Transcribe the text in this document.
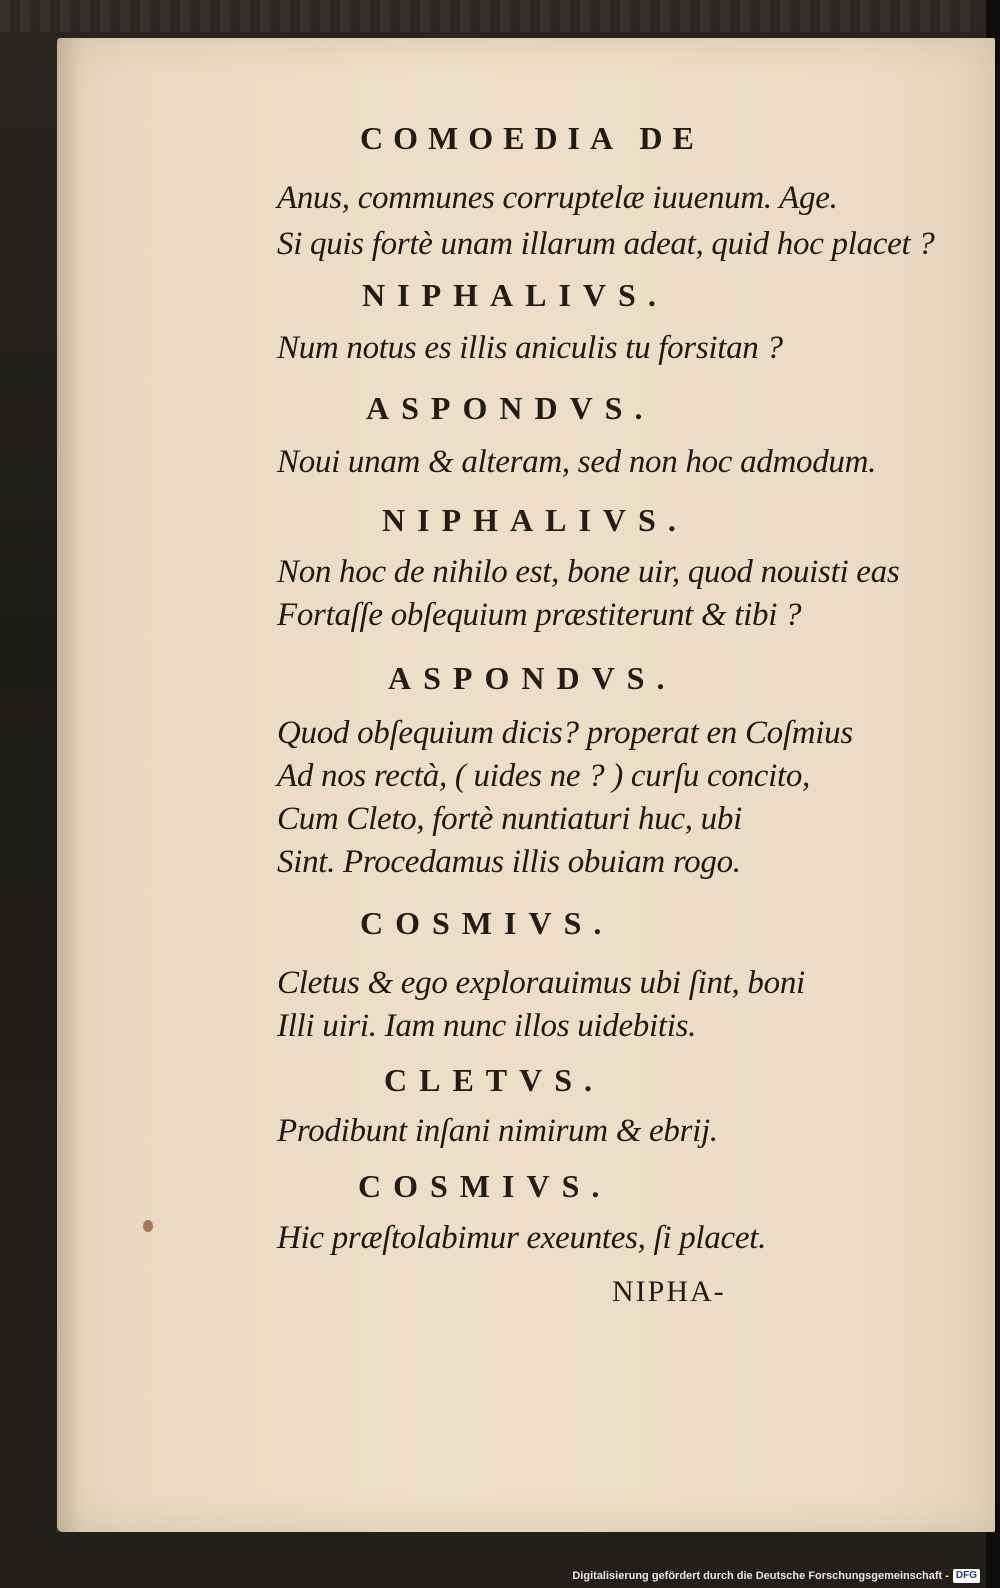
COMOEDIA DE
Anus, communes corruptelæ iuuenum. Age.
Si quis fortè unam illarum adeat, quid hoc placet ?
NIPHALIVS.
Num notus es illis aniculis tu forsitan ?
ASPONDVS.
Noui unam & alteram, sed non hoc admodum.
NIPHALIVS.
Non hoc de nihilo est, bone uir, quod nouisti eas
Fortaſſe obſequium præstiterunt & tibi ?
ASPONDVS.
Quod obſequium dicis? properat en Coſmius
Ad nos rectà, ( uides ne ? ) curſu concito,
Cum Cleto, fortè nuntiaturi huc, ubi
Sint. Procedamus illis obuiam rogo.
COSMIVS.
Cletus & ego explorauimus ubi ſint, boni
Illi uiri. Iam nunc illos uidebitis.
CLETVS.
Prodibunt inſani nimirum & ebrij.
COSMIVS.
Hic præſtolabimur exeuntes, ſi placet.
NIPHA-
Digitalisierung gefördert durch die Deutsche Forschungsgemeinschaft - DFG
